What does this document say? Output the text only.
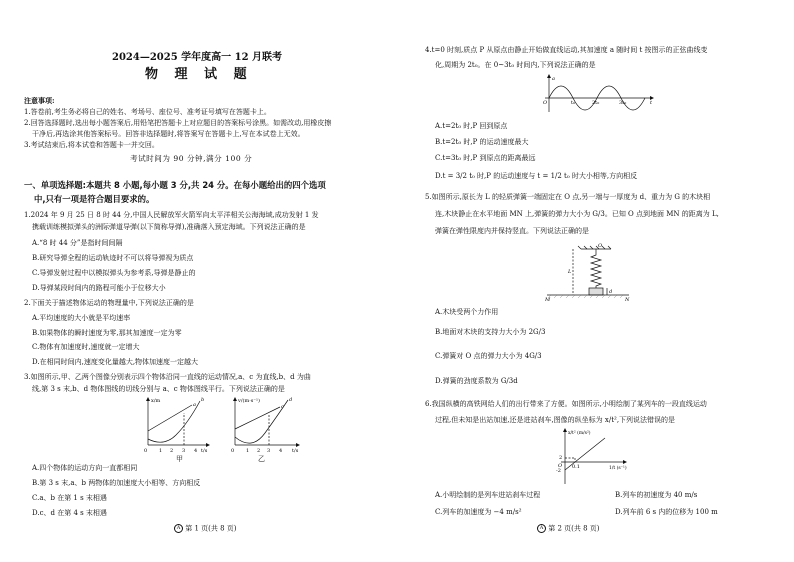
2024—2025 学年度高一 12 月联考
物 理 试 题
注意事项:
1.答卷前,考生务必将自己的姓名、考场号、座位号、准考证号填写在答题卡上。
2.回答选择题时,选出每小题答案后,用铅笔把答题卡上对应题目的答案标号涂黑。如需改动,用橡皮擦
干净后,再选涂其他答案标号。回答非选择题时,将答案写在答题卡上,写在本试卷上无效。
3.考试结束后,将本试卷和答题卡一并交回。
考试时间为 90 分钟,满分 100 分
一、单项选择题:本题共 8 小题,每小题 3 分,共 24 分。在每小题给出的四个选项
中,只有一项是符合题目要求的。
1.2024 年 9 月 25 日 8 时 44 分,中国人民解放军火箭军向太平洋相关公海海域,成功发射 1 发
携载训练模拟弹头的洲际弹道导弹(以下简称导弹),准确落入预定海域。下列说法正确的是
A.“8 时 44 分”是指时间间隔
B.研究导弹全程的运动轨迹时不可以将导弹视为质点
C.导弹发射过程中以模拟弹头为参考系,导弹是静止的
D.导弹某段时间内的路程可能小于位移大小
2.下面关于描述物体运动的物理量中,下列说法正确的是
A.平均速度的大小就是平均速率
B.如果物体的瞬时速度为零,那其加速度一定为零
C.物体有加速度时,速度就一定增大
D.在相同时间内,速度变化量越大,物体加速度一定越大
3.如图所示,甲、乙两个图像分别表示四个物体沿同一直线的运动情况,a、c 为直线,b、d 为曲
线,第 3 s 末,b、d 物体图线的切线分别与 a、c 物体图线平行。下列说法正确的是
x/m
t/s
v/(m·s⁻¹)
t/s
0 1 2 3 4	0 1 2 3 4
a
b
c
d
甲	乙
A.四个物体的运动方向一直都相同
B.第 3 s 末,a、b 两物体的加速度大小相等、方向相反
C.a、b 在第 1 s 末相遇
D.c、d 在第 4 s 末相遇
A 第 1 页(共 8 页)
4.t=0 时刻,质点 P 从原点由静止开始做直线运动,其加速度 a 随时间 t 按图示的正弦曲线变
化,周期为 2t₀。在 0~3t₀ 时间内,下列说法正确的是
a
t
O	t₀	2t₀	3t₀
A.t=2t₀ 时,P 回到原点
B.t=2t₀ 时,P 的运动速度最大
C.t=3t₀ 时,P 到原点的距离最远
D.t = 3/2 t₀ 时,P 的运动速度与 t = 1/2 t₀ 时大小相等,方向相反
5.如图所示,原长为 L 的轻质弹簧一端固定在 O 点,另一端与一厚度为 d、重力为 G 的木块相
连,木块静止在水平地面 MN 上,弹簧的弹力大小为 G/3。已知 O 点到地面 MN 的距离为 L,
弹簧在弹性限度内并保持竖直。下列说法正确的是
O
L
d
M	N
A.木块受两个力作用
B.地面对木块的支持力大小为 2G/3
C.弹簧对 O 点的弹力大小为 4G/3
D.弹簧的劲度系数为 G/3d
6.我国纵横的高铁网给人们的出行带来了方便。如图所示,小明绘制了某列车的一段直线运动
过程,但未知是出站加速,还是进站刹车,图像的纵坐标为 x/t²,下列说法错误的是
x/t² (m/s²)
1/t (s⁻¹)
O
2
-2
0.1
A.小明绘制的是列车进站刹车过程	B.列车的初速度为 40 m/s
C.列车的加速度为 −4 m/s²	D.列车前 6 s 内的位移为 100 m
A 第 2 页(共 8 页)
